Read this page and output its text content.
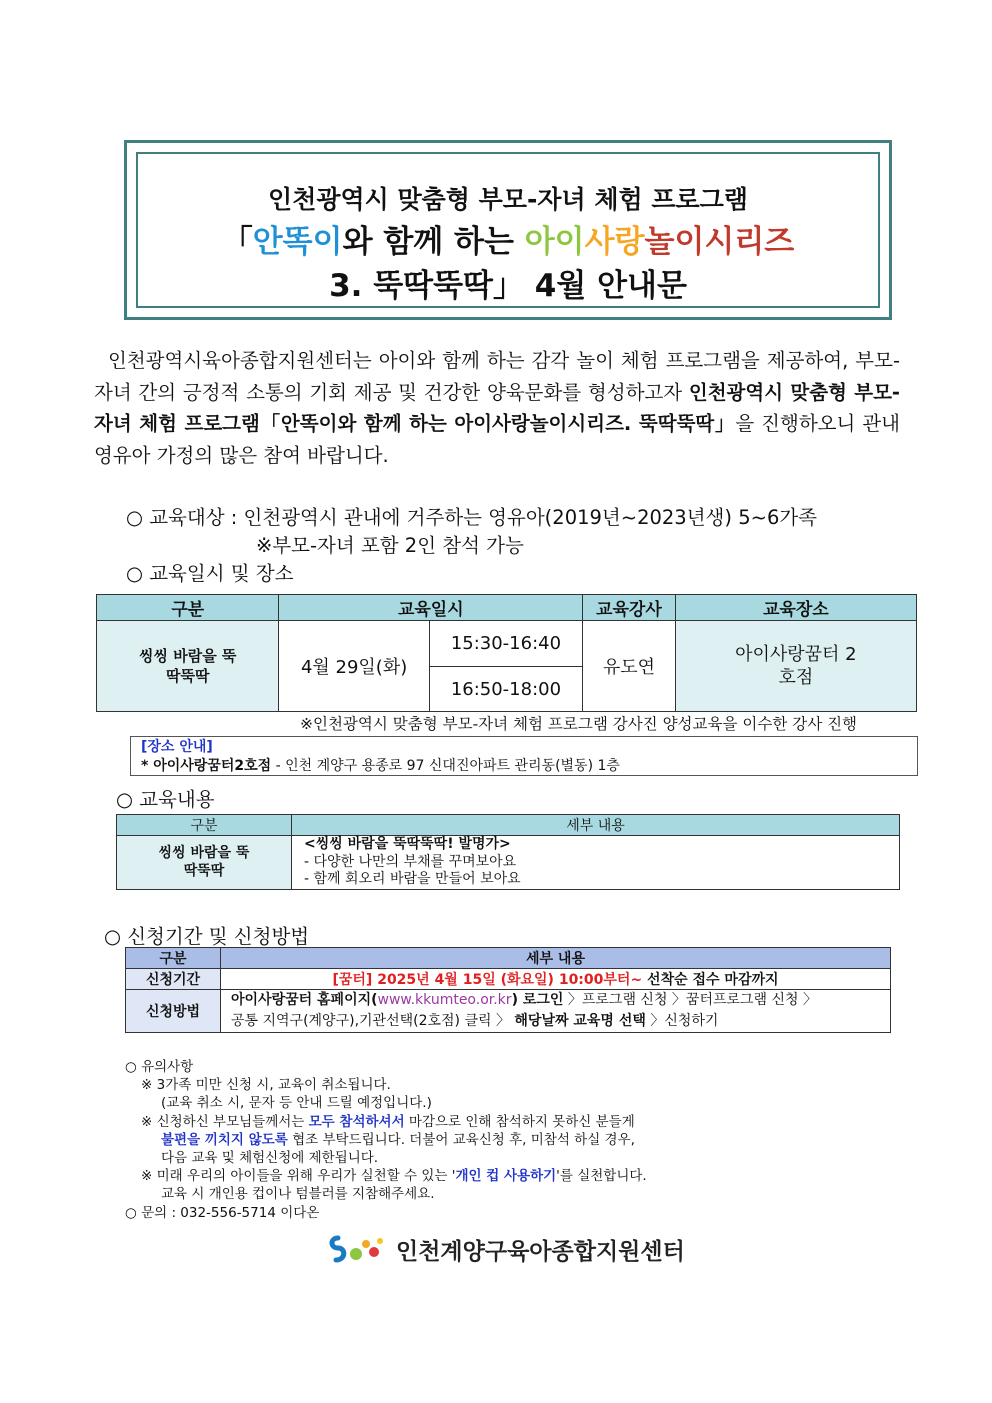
인천광역시 맞춤형 부모-자녀 체험 프로그램
「안똑이와 함께 하는 아이사랑놀이시리즈
3. 뚝딱뚝딱」 4월 안내문
인천광역시육아종합지원센터는 아이와 함께 하는 감각 놀이 체험 프로그램을 제공하여, 부모-자녀 간의 긍정적 소통의 기회 제공 및 건강한 양육문화를 형성하고자 인천광역시 맞춤형 부모-자녀 체험 프로그램「안똑이와 함께 하는 아이사랑놀이시리즈. 뚝딱뚝딱」을 진행하오니 관내 영유아 가정의 많은 참여 바랍니다.
○ 교육대상 : 인천광역시 관내에 거주하는 영유아(2019년~2023년생) 5~6가족
※부모-자녀 포함 2인 참석 가능
○ 교육일시 및 장소
구분	교육일시		교육강사	교육장소

씽씽 바람을 뚝딱뚝딱	4월 29일(화)	15:30-16:40	유도연	아이사랑꿈터 2호점

		16:50-18:00		
※인천광역시 맞춤형 부모-자녀 체험 프로그램 강사진 양성교육을 이수한 강사 진행
[장소 안내]
* 아이사랑꿈터2호점 - 인천 계양구 용종로 97 신대진아파트 관리동(별동) 1층
○ 교육내용
구분	세부 내용

씽씽 바람을 뚝딱뚝딱	<씽씽 바람을 뚝딱뚝딱! 발명가>
- 다양한 나만의 부채를 꾸며보아요
- 함께 회오리 바람을 만들어 보아요
○ 신청기간 및 신청방법
구분	세부 내용
신청기간	[꿈터] 2025년 4월 15일 (화요일) 10:00부터~ 선착순 접수 마감까지
신청방법	아이사랑꿈터 홈페이지(www.kkumteo.or.kr) 로그인 〉프로그램 신청 〉꿈터프로그램 신청 〉
공통 지역구(계양구),기관선택(2호점) 클릭 〉 해당날짜 교육명 선택 〉신청하기
○ 유의사항
※ 3가족 미만 신청 시, 교육이 취소됩니다.
(교육 취소 시, 문자 등 안내 드릴 예정입니다.)
※ 신청하신 부모님들께서는 모두 참석하셔서 마감으로 인해 참석하지 못하신 분들게
불편을 끼치지 않도록 협조 부탁드립니다. 더불어 교육신청 후, 미참석 하실 경우,
다음 교육 및 체험신청에 제한됩니다.
※ 미래 우리의 아이들을 위해 우리가 실천할 수 있는 '개인 컵 사용하기'를 실천합니다.
교육 시 개인용 컵이나 텀블러를 지참해주세요.
○ 문의 : 032-556-5714 이다온
인천계양구육아종합지원센터
